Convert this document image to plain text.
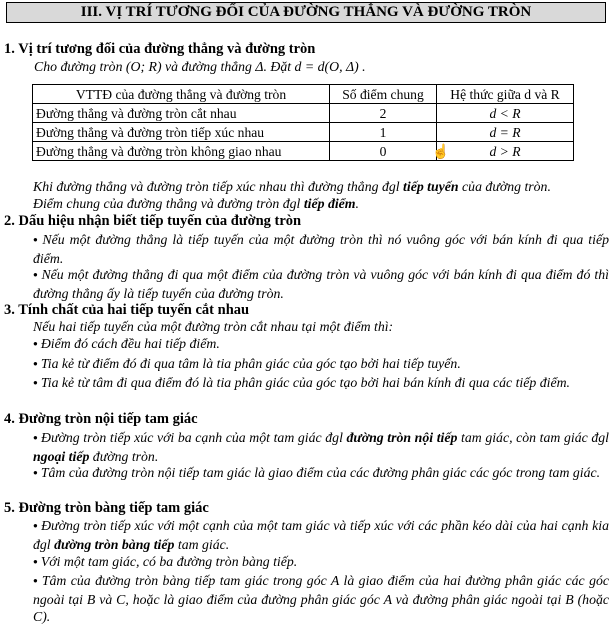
III. VỊ TRÍ TƯƠNG ĐỐI CỦA ĐƯỜNG THẲNG VÀ ĐƯỜNG TRÒN
1. Vị trí tương đối của đường thẳng và đường tròn
Cho đường tròn (O; R) và đường thẳng Δ. Đặt d = d(O, Δ) .
VTTĐ của đường thẳng và đường tròn	Số điểm chung	Hệ thức giữa d và R
Đường thẳng và đường tròn cắt nhau	2	d < R
Đường thẳng và đường tròn tiếp xúc nhau	1	d = R
Đường thẳng và đường tròn không giao nhau	0	d > R
☝
Khi đường thẳng và đường tròn tiếp xúc nhau thì đường thẳng đgl tiếp tuyến của đường tròn.
Điểm chung của đường thẳng và đường tròn đgl tiếp điểm.
2. Dấu hiệu nhận biết tiếp tuyến của đường tròn
● Nếu một đường thẳng là tiếp tuyến của một đường tròn thì nó vuông góc với bán kính đi qua tiếp điểm.
● Nếu một đường thẳng đi qua một điểm của đường tròn và vuông góc với bán kính đi qua điểm đó thì đường thẳng ấy là tiếp tuyến của đường tròn.
3. Tính chất của hai tiếp tuyến cắt nhau
Nếu hai tiếp tuyến của một đường tròn cắt nhau tại một điểm thì:
● Điểm đó cách đều hai tiếp điểm.
● Tia kẻ từ điểm đó đi qua tâm là tia phân giác của góc tạo bởi hai tiếp tuyến.
● Tia kẻ từ tâm đi qua điểm đó là tia phân giác của góc tạo bởi hai bán kính đi qua các tiếp điểm.
4. Đường tròn nội tiếp tam giác
● Đường tròn tiếp xúc với ba cạnh của một tam giác đgl đường tròn nội tiếp tam giác, còn tam giác đgl ngoại tiếp đường tròn.
● Tâm của đường tròn nội tiếp tam giác là giao điểm của các đường phân giác các góc trong tam giác.
5. Đường tròn bàng tiếp tam giác
● Đường tròn tiếp xúc với một cạnh của một tam giác và tiếp xúc với các phần kéo dài của hai cạnh kia đgl đường tròn bàng tiếp tam giác.
● Với một tam giác, có ba đường tròn bàng tiếp.
● Tâm của đường tròn bàng tiếp tam giác trong góc A là giao điểm của hai đường phân giác các góc ngoài tại B và C, hoặc là giao điểm của đường phân giác góc A và đường phân giác ngoài tại B (hoặc C).
